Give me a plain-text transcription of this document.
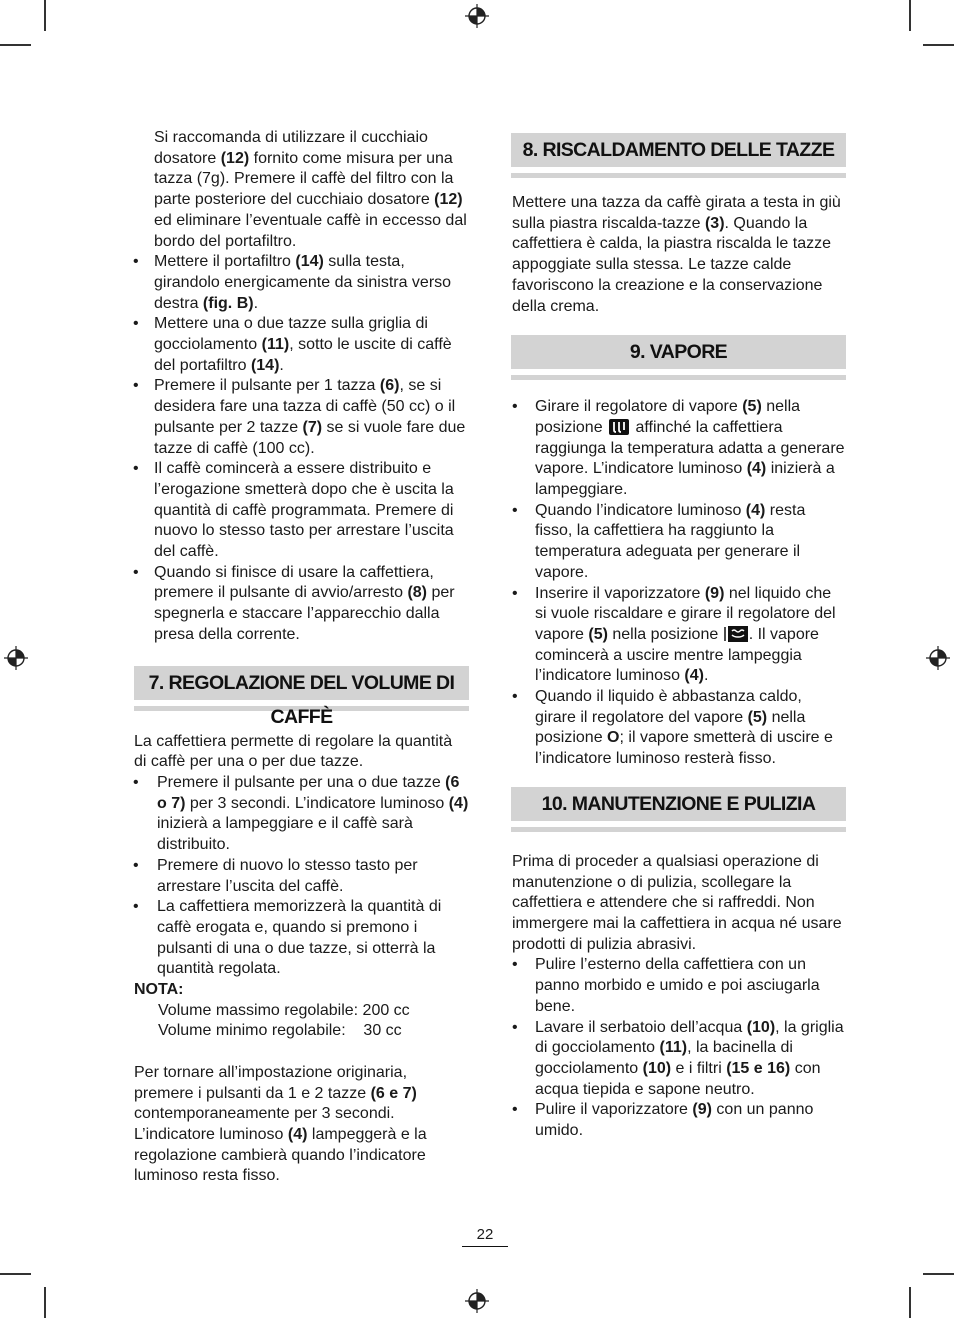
Si raccomanda di utilizzare il cucchiaio dosatore (12) fornito come misura per una tazza (7g). Premere il caffè del filtro con la parte posteriore del cucchiaio dosatore (12) ed eliminare l’eventuale caffè in eccesso dal bordo del portafiltro.

• Mettere il portafiltro (14) sulla testa, girandolo energicamente da sinistra verso destra (fig. B).
• Mettere una o due tazze sulla griglia di gocciolamento (11), sotto le uscite di caffè del portafiltro (14).
• Premere il pulsante per 1 tazza (6), se si desidera fare una tazza di caffè (50 cc) o il pulsante per 2 tazze (7) se si vuole fare due tazze di caffè (100 cc).
• Il caffè comincerà a essere distribuito e l’erogazione smetterà dopo che è uscita la quantità di caffè programmata. Premere di nuovo lo stesso tasto per arrestare l’uscita del caffè.
• Quando si finisce di usare la caffettiera, premere il pulsante di avvio/arresto (8) per spegnerla e staccare l’apparecchio dalla presa della corrente.
7. REGOLAZIONE DEL VOLUME DI CAFFÈ

La caffettiera permette di regolare la quantità di caffè per una o per due tazze.

• Premere il pulsante per una o due tazze (6 o 7) per 3 secondi. L’indicatore luminoso (4) inizierà a lampeggiare e il caffè sarà distribuito.
• Premere di nuovo lo stesso tasto per arrestare l’uscita del caffè.
• La caffettiera memorizzerà la quantità di caffè erogata e, quando si premono i pulsanti di una o due tazze, si otterrà la quantità regolata.

NOTA:

Volume massimo regolabile: 200 cc

Volume minimo regolabile:    30 cc

Per tornare all’impostazione originaria, premere i pulsanti da 1 e 2 tazze (6 e 7) contemporaneamente per 3 secondi. L’indicatore luminoso (4) lampeggerà e la regolazione cambierà quando l’indicatore luminoso resta fisso.

8. RISCALDAMENTO DELLE TAZZE

Mettere una tazza da caffè girata a testa in giù sulla piastra riscalda-tazze (3). Quando la caffettiera è calda, la piastra riscalda le tazze appoggiate sulla stessa. Le tazze calde favoriscono la creazione e la conservazione della crema.

9. VAPORE
• Girare il regolatore di vapore (5) nella posizione
affinché la caffettiera raggiunga la temperatura adatta a generare vapore. L’indicatore luminoso (4) inizierà a lampeggiare.
• Quando l’indicatore luminoso (4) resta fisso, la caffettiera ha raggiunto la temperatura adeguata per generare il vapore.
• Inserire il vaporizzatore (9) nel liquido che si vuole riscaldare e girare il regolatore del vapore (5) nella posizione . Il vapore comincerà a uscire mentre lampeggia l’indicatore luminoso (4).
• Quando il liquido è abbastanza caldo, girare il regolatore del vapore (5) nella posizione O; il vapore smetterà di uscire e l’indicatore luminoso resterà fisso.
10. MANUTENZIONE E PULIZIA

Prima di proceder a qualsiasi operazione di manutenzione o di pulizia, scollegare la caffettiera e attendere che si raffreddi. Non immergere mai la caffettiera in acqua né usare prodotti di pulizia abrasivi.

• Pulire l’esterno della caffettiera con un panno morbido e umido e poi asciugarla bene.
• Lavare il serbatoio dell’acqua (10), la griglia di gocciolamento (11), la bacinella di gocciolamento (10) e i filtri (15 e 16) con acqua tiepida e sapone neutro.
• Pulire il vaporizzatore (9) con un panno umido.
22
